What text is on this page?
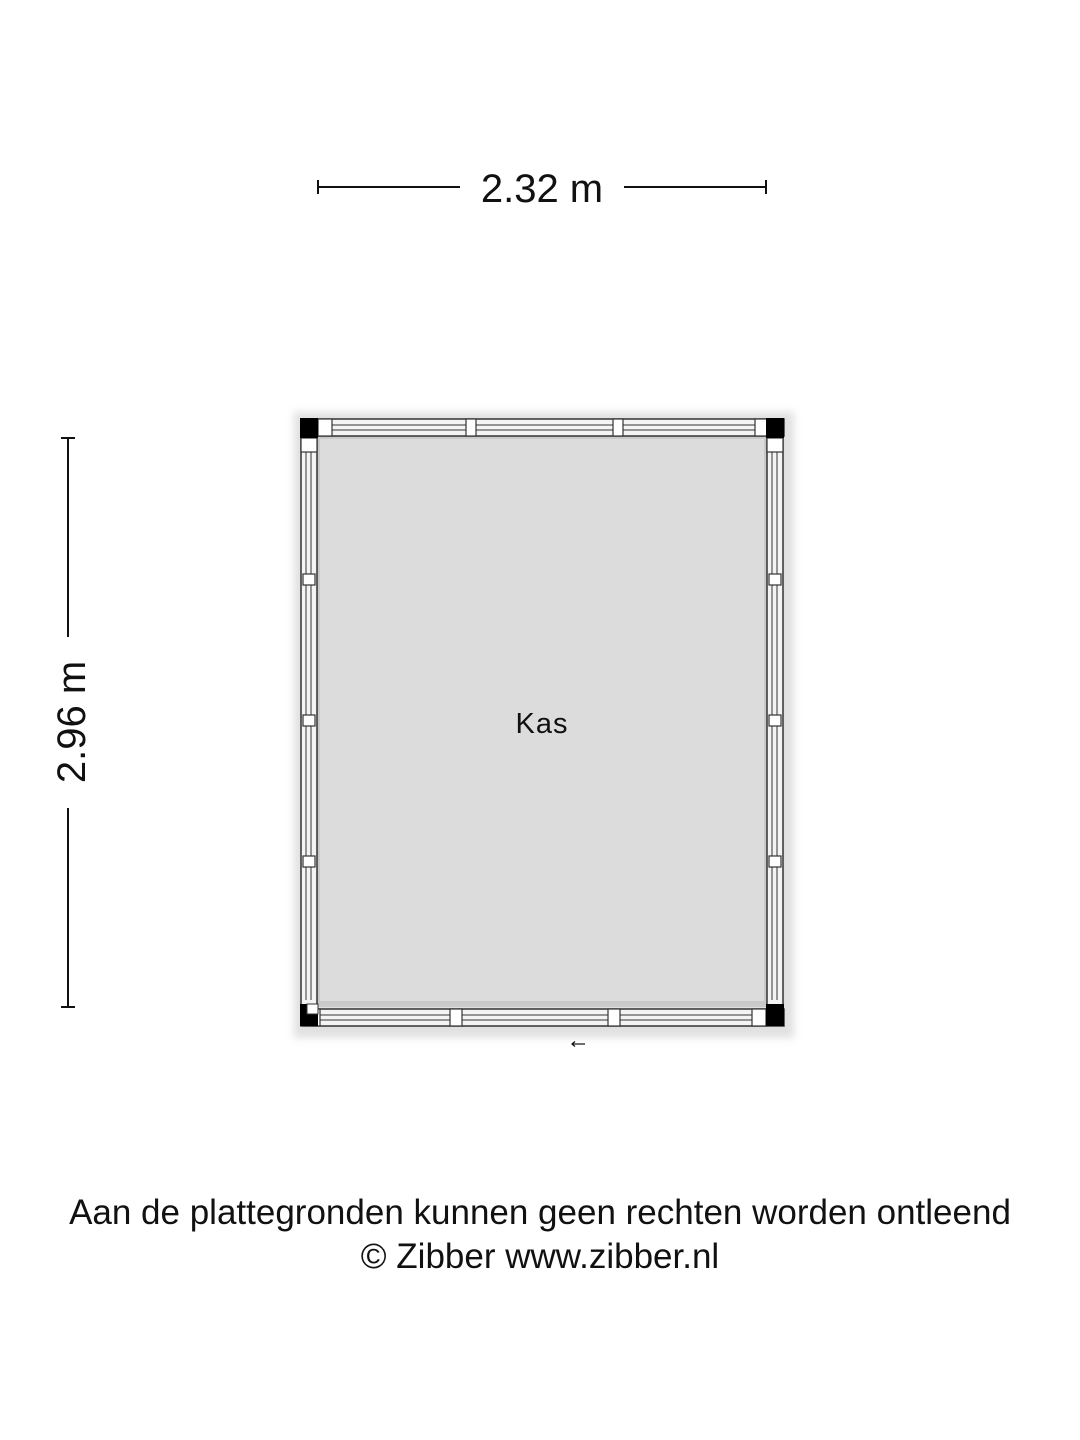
2.32 m
2.96 m	Kas
Aan de plattegronden kunnen geen rechten worden ontleend
© Zibber www.zibber.nl
